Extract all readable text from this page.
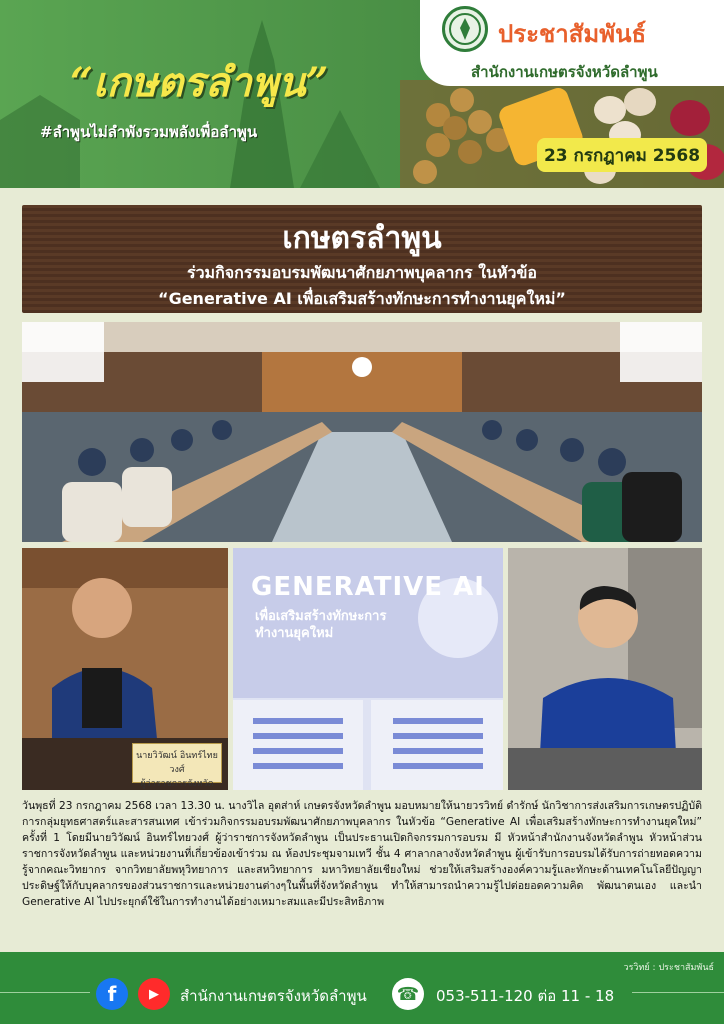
“เกษตรลำพูน”
#ลำพูนไม่ลำพังรวมพลังเพื่อลำพูน
ประชาสัมพันธ์
สำนักงานเกษตรจังหวัดลำพูน
23 กรกฎาคม 2568
เกษตรลำพูน
ร่วมกิจกรรมอบรมพัฒนาศักยภาพบุคลากร ในหัวข้อ
“Generative AI เพื่อเสริมสร้างทักษะการทำงานยุคใหม่”
นายวิวัฒน์ อินทร์ไทยวงศ์
ผู้ว่าราชการจังหวัด
GENERATIVE AI
เพื่อเสริมสร้างทักษะการทำงานยุคใหม่
วันพุธที่ 23 กรกฎาคม 2568 เวลา 13.30 น. นางวิไล อุตส่าห์ เกษตรจังหวัดลำพูน มอบหมายให้นายวรวิทย์ ดำรักษ์ นักวิชาการส่งเสริมการเกษตรปฏิบัติการกลุ่มยุทธศาสตร์และสารสนเทศ เข้าร่วมกิจกรรมอบรมพัฒนาศักยภาพบุคลากร ในหัวข้อ “Generative AI เพื่อเสริมสร้างทักษะการทำงานยุคใหม่” ครั้งที่ 1 โดยมีนายวิวัฒน์ อินทร์ไทยวงศ์ ผู้ว่าราชการจังหวัดลำพูน เป็นประธานเปิดกิจกรรมการอบรม มี หัวหน้าสำนักงานจังหวัดลำพูน หัวหน้าส่วนราชการจังหวัดลำพูน และหน่วยงานที่เกี่ยวข้องเข้าร่วม ณ ห้องประชุมจามเทวี ชั้น 4 ศาลากลางจังหวัดลำพูน ผู้เข้ารับการอบรมได้รับการถ่ายทอดความรู้จากคณะวิทยากร จากวิทยาลัยพหุวิทยาการ และสหวิทยาการ มหาวิทยาลัยเชียงใหม่ ช่วยให้เสริมสร้างองค์ความรู้และทักษะด้านเทคโนโลยีปัญญาประดิษฐ์ให้กับบุคลากรของส่วนราชการและหน่วยงานต่างๆในพื้นที่จังหวัดลำพูน ทำให้สามารถนำความรู้ไปต่อยอดความคิด พัฒนาตนเอง และนำ Generative AI ไปประยุกต์ใช้ในการทำงานได้อย่างเหมาะสมและมีประสิทธิภาพ
วรวิทย์ : ประชาสัมพันธ์
f	▶	สำนักงานเกษตรจังหวัดลำพูน ☎	053-511-120 ต่อ 11 - 18
